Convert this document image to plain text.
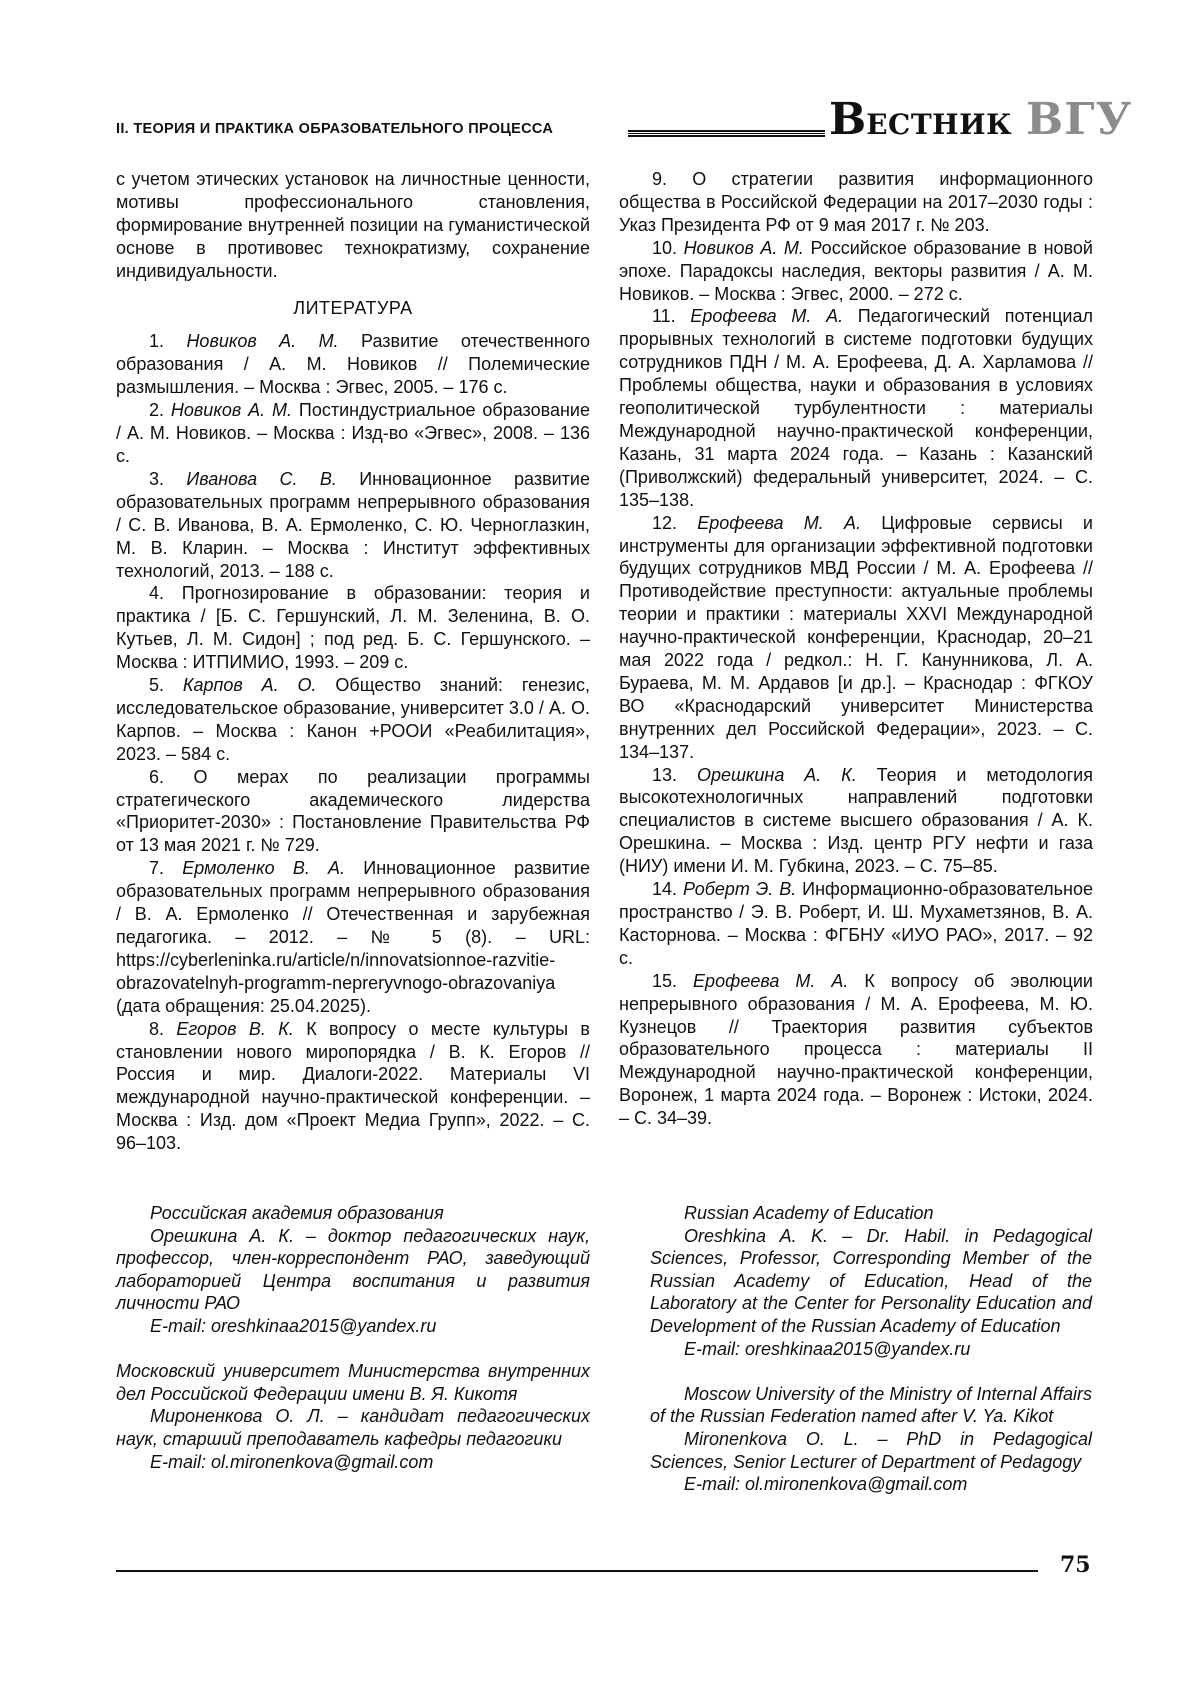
II. ТЕОРИЯ И ПРАКТИКА ОБРАЗОВАТЕЛЬНОГО ПРОЦЕССА	ВЕСТНИК ВГУ

с учетом этических установок на личностные ценности, мотивы профессионального становления, формирование внутренней позиции на гуманистической основе в противовес технократизму, сохранение индивидуальности.

ЛИТЕРАТУРА

1. Новиков А. М. Развитие отечественного образования / А. М. Новиков // Полемические размышления. – Москва : Эгвес, 2005. – 176 с.

2. Новиков А. М. Постиндустриальное образование / А. М. Новиков. – Москва : Изд-во «Эгвес», 2008. – 136 с.

3. Иванова С. В. Инновационное развитие образовательных программ непрерывного образования / С. В. Иванова, В. А. Ермоленко, С. Ю. Черноглазкин, М. В. Кларин. – Москва : Институт эффективных технологий, 2013. – 188 с.

4. Прогнозирование в образовании: теория и практика / [Б. С. Гершунский, Л. М. Зеленина, В. О. Кутьев, Л. М. Сидон] ; под ред. Б. С. Гершунского. – Москва : ИТПИМИО, 1993. – 209 с.

5. Карпов А. О. Общество знаний: генезис, исследовательское образование, университет 3.0 / А. О. Карпов. – Москва : Канон +РООИ «Реабилитация», 2023. – 584 с.

6. О мерах по реализации программы стратегического академического лидерства «Приоритет-2030» : Постановление Правительства РФ от 13 мая 2021 г. № 729.

7. Ермоленко В. А. Инновационное развитие образовательных программ непрерывного образования / В. А. Ермоленко // Отечественная и зарубежная педагогика. – 2012. – № 5 (8). – URL: https://cyberleninka.ru/article/n/innovatsionnoe-razvitie-obrazovatelnyh-programm-nepreryvnogo-obrazovaniya (дата обращения: 25.04.2025).

8. Егоров В. К. К вопросу о месте культуры в становлении нового миропорядка / В. К. Егоров // Россия и мир. Диалоги-2022. Материалы VI международной научно-практической конференции. – Москва : Изд. дом «Проект Медиа Групп», 2022. – С. 96–103.

9. О стратегии развития информационного общества в Российской Федерации на 2017–2030 годы : Указ Президента РФ от 9 мая 2017 г. № 203.

10. Новиков А. М. Российское образование в новой эпохе. Парадоксы наследия, векторы развития / А. М. Новиков. – Москва : Эгвес, 2000. – 272 с.

11. Ерофеева М. А. Педагогический потенциал прорывных технологий в системе подготовки будущих сотрудников ПДН / М. А. Ерофеева, Д. А. Харламова // Проблемы общества, науки и образования в условиях геополитической турбулентности : материалы Международной научно-практической конференции, Казань, 31 марта 2024 года. – Казань : Казанский (Приволжский) федеральный университет, 2024. – С. 135–138.

12. Ерофеева М. А. Цифровые сервисы и инструменты для организации эффективной подготовки будущих сотрудников МВД России / М. А. Ерофеева // Противодействие преступности: актуальные проблемы теории и практики : материалы XXVI Международной научно-практической конференции, Краснодар, 20–21 мая 2022 года / редкол.: Н. Г. Канунникова, Л. А. Бураева, М. М. Ардавов [и др.]. – Краснодар : ФГКОУ ВО «Краснодарский университет Министерства внутренних дел Российской Федерации», 2023. – С. 134–137.

13. Орешкина А. К. Теория и методология высокотехнологичных направлений подготовки специалистов в системе высшего образования / А. К. Орешкина. – Москва : Изд. центр РГУ нефти и газа (НИУ) имени И. М. Губкина, 2023. – С. 75–85.

14. Роберт Э. В. Информационно-образовательное пространство / Э. В. Роберт, И. Ш. Мухаметзянов, В. А. Касторнова. – Москва : ФГБНУ «ИУО РАО», 2017. – 92 с.

15. Ерофеева М. А. К вопросу об эволюции непрерывного образования / М. А. Ерофеева, М. Ю. Кузнецов // Траектория развития субъектов образовательного процесса : материалы II Международной научно-практической конференции, Воронеж, 1 марта 2024 года. – Воронеж : Истоки, 2024. – С. 34–39.

Российская академия образования

Орешкина А. К. – доктор педагогических наук, профессор, член-корреспондент РАО, заведующий лабораторией Центра воспитания и развития личности РАО

E-mail: oreshkinaa2015@yandex.ru

Московский университет Министерства внутренних дел Российской Федерации имени В. Я. Кикотя

Мироненкова О. Л. – кандидат педагогических наук, старший преподаватель кафедры педагогики

E-mail: ol.mironenkova@gmail.com

Russian Academy of Education

Oreshkina A. K. – Dr. Habil. in Pedagogical Sciences, Professor, Corresponding Member of the Russian Academy of Education, Head of the Laboratory at the Center for Personality Education and Development of the Russian Academy of Education

E-mail: oreshkinaa2015@yandex.ru

Moscow University of the Ministry of Internal Affairs of the Russian Federation named after V. Ya. Kikot

Mironenkova O. L. – PhD in Pedagogical Sciences, Senior Lecturer of Department of Pedagogy

E-mail: ol.mironenkova@gmail.com

75
